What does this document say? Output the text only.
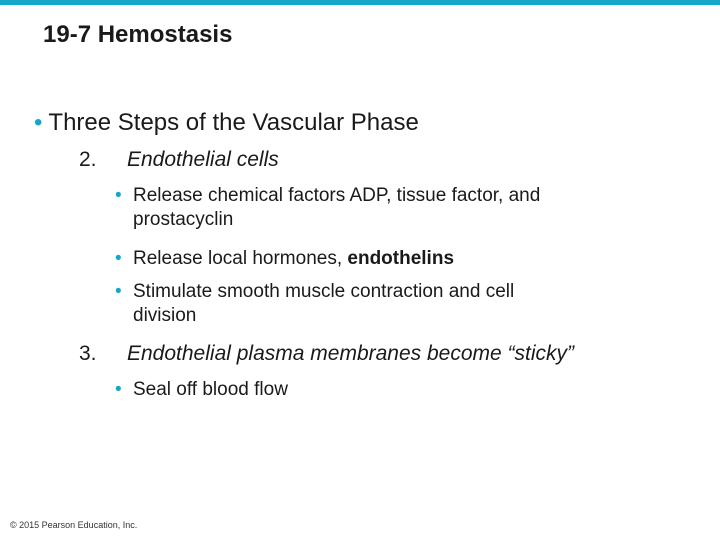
19-7 Hemostasis
• Three Steps of the Vascular Phase
2. Endothelial cells
• Release chemical factors ADP, tissue factor, and
prostacyclin
• Release local hormones, endothelins
• Stimulate smooth muscle contraction and cell
division
3. Endothelial plasma membranes become “sticky”
• Seal off blood flow
© 2015 Pearson Education, Inc.
